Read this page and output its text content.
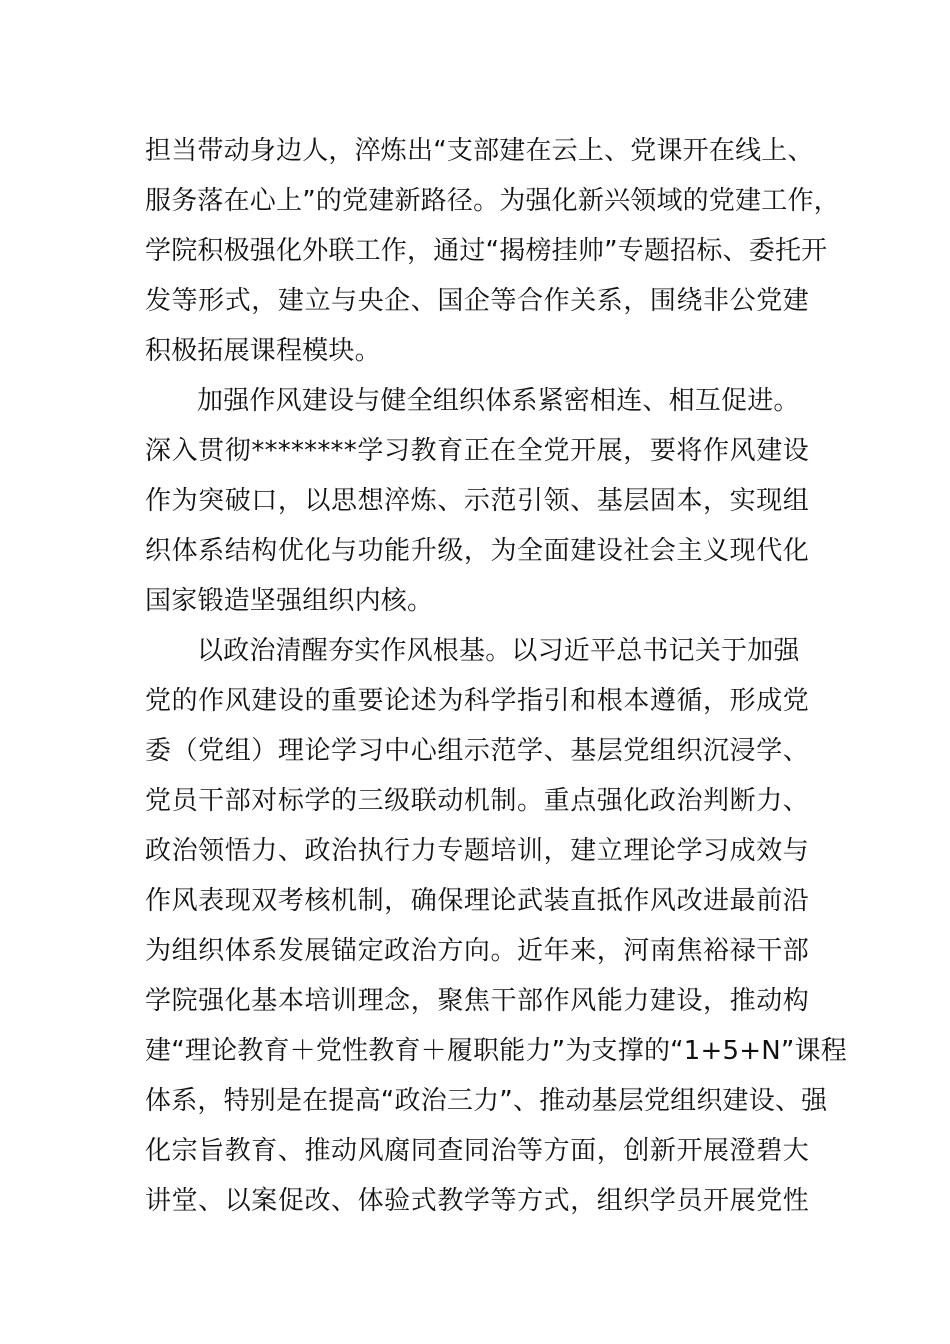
担当带动身边人，淬炼出“支部建在云上、党课开在线上、
服务落在心上”的党建新路径。为强化新兴领域的党建工作，
学院积极强化外联工作，通过“揭榜挂帅”专题招标、委托开
发等形式，建立与央企、国企等合作关系，围绕非公党建
积极拓展课程模块。
加强作风建设与健全组织体系紧密相连、相互促进。
深入贯彻********学习教育正在全党开展，要将作风建设
作为突破口，以思想淬炼、示范引领、基层固本，实现组
织体系结构优化与功能升级，为全面建设社会主义现代化
国家锻造坚强组织内核。
以政治清醒夯实作风根基。以习近平总书记关于加强
党的作风建设的重要论述为科学指引和根本遵循，形成党
委（党组）理论学习中心组示范学、基层党组织沉浸学、
党员干部对标学的三级联动机制。重点强化政治判断力、
政治领悟力、政治执行力专题培训，建立理论学习成效与
作风表现双考核机制，确保理论武装直抵作风改进最前沿
为组织体系发展锚定政治方向。近年来，河南焦裕禄干部
学院强化基本培训理念，聚焦干部作风能力建设，推动构
建“理论教育＋党性教育＋履职能力”为支撑的“1+5+N”课程
体系，特别是在提高“政治三力”、推动基层党组织建设、强
化宗旨教育、推动风腐同查同治等方面，创新开展澄碧大
讲堂、以案促改、体验式教学等方式，组织学员开展党性
